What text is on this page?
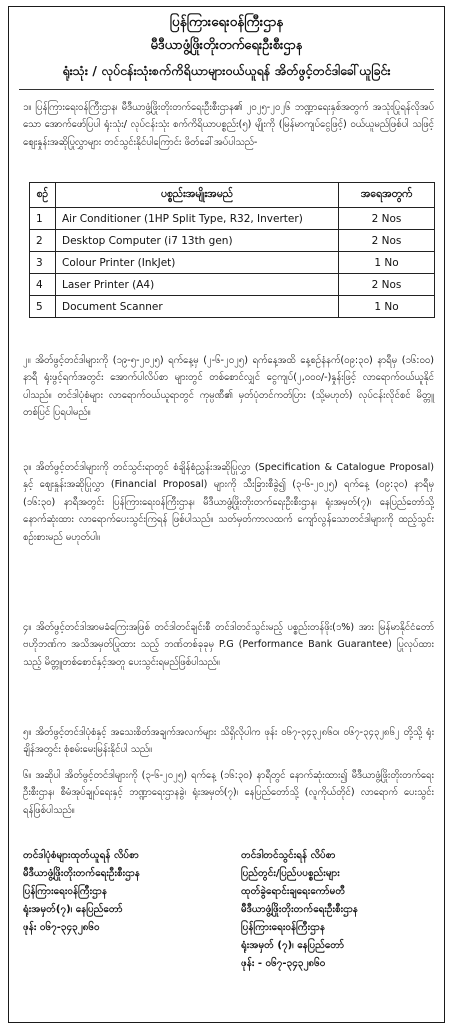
ပြန်ကြားရေးဝန်ကြီးဌာန
မီဒီယာဖွံ့ဖြိုးတိုးတက်ရေးဦးစီးဌာန
ရုံးသုံး / လုပ်ငန်းသုံးစက်ကိရိယာများဝယ်ယူရန် အိတ်ဖွင့်တင်ဒါခေါ်ယူခြင်း
၁။ ပြန်ကြားရေးဝန်ကြီးဌာန၊ မီဒီယာဖွံ့ဖြိုးတိုးတက်ရေးဦးစီးဌာန၏ ၂၀၂၅-၂၀၂၆ ဘဏ္ဍာရေးနှစ်အတွက် အသုံးပြုရန်လိုအပ်သော အောက်ဖော်ပြပါ ရုံးသုံး/ လုပ်ငန်းသုံး စက်ကိရိယာပစ္စည်း(၅) မျိုးကို (မြန်မာကျပ်ငွေဖြင့်) ဝယ်ယူမည်ဖြစ်ပါ သဖြင့် ဈေးနှုန်းအဆိုပြုလွှာများ တင်သွင်းနိုင်ပါကြောင်း ဖိတ်ခေါ်အပ်ပါသည်-
စဉ်	ပစ္စည်းအမျိုးအမည်	အရေအတွက်
1	Air Conditioner (1HP Split Type, R32, Inverter)	2 Nos
2	Desktop Computer (i7 13th gen)	2 Nos
3	Colour Printer (InkJet)	1 No
4	Laser Printer (A4)	2 Nos
5	Document Scanner	1 No
၂။ အိတ်ဖွင့်တင်ဒါများကို (၁၉-၅-၂၀၂၅) ရက်နေ့မှ (၂-၆-၂၀၂၅) ရက်နေ့အထိ နေ့စဉ်နံနက်(၀၉:၃၀) နာရီမှ (၁၆:၀၀) နာရီ ရုံးဖွင့်ရက်အတွင်း အောက်ပါလိပ်စာ များတွင် တစ်စောင်လျှင် ငွေကျပ်(၂,၀၀၀/-)နှုန်းဖြင့် လာရောက်ဝယ်ယူနိုင်ပါသည်။ တင်ဒါပုံစံများ လာရောက်ဝယ်ယူရာတွင် ကုမ္ပဏီ၏ မှတ်ပုံတင်ကတ်ပြား (သို့မဟုတ်) လုပ်ငန်းလိုင်စင် မိတ္တူတစ်ပြင် ပြရပါမည်။
၃။ အိတ်ဖွင့်တင်ဒါများကို တင်သွင်းရာတွင် စံချိန်စံညွှန်းအဆိုပြုလွှာ (Specification & Catalogue Proposal) နှင့် ဈေးနှုန်းအဆိုပြုလွှာ (Financial Proposal) များကို သီးခြားစီခွဲ၍ (၃-၆-၂၀၂၅) ရက်နေ့ (၀၉:၃၀) နာရီမှ (၁၆:၃၀) နာရီအတွင်း ပြန်ကြားရေးဝန်ကြီးဌာန၊ မီဒီယာဖွံ့ဖြိုးတိုးတက်ရေးဦးစီးဌာန၊ ရုံးအမှတ်(၇)၊ နေပြည်တော်သို့ နောက်ဆုံးထား လာရောက်ပေးသွင်းကြရန် ဖြစ်ပါသည်။ သတ်မှတ်ကာလထက် ကျော်လွန်သောတင်ဒါများကို ထည့်သွင်း စဉ်းစားမည် မဟုတ်ပါ။
၄။ အိတ်ဖွင့်တင်ဒါအာမခံကြေးအဖြစ် တင်ဒါတင်ချင်းစီ တင်ဒါတင်သွင်းမည့် ပစ္စည်းတန်ဖိုး(၁%) အား မြန်မာနိုင်ငံတော်ဗဟိုဘဏ်က အသိအမှတ်ပြုထား သည့် ဘဏ်တစ်ခုခုမှ P.G (Performance Bank Guarantee) ပြုလုပ်ထားသည့် မိတ္တူတစ်စောင်နှင့်အတူ ပေးသွင်းရမည်ဖြစ်ပါသည်။
၅။ အိတ်ဖွင့်တင်ဒါပုံစံနှင့် အသေးစိတ်အချက်အလက်များ သိရှိလိုပါက ဖုန်း ၀၆၇-၃၄၃၂၈၆၀၊ ၀၆၇-၃၄၃၂၈၆၂ တို့သို့ ရုံးချိန်အတွင်း စုံစမ်းမေးမြန်းနိုင်ပါ သည်။
၆။ အဆိုပါ အိတ်ဖွင့်တင်ဒါများကို (၃-၆-၂၀၂၅) ရက်နေ့ (၁၆:၃၀) နာရီတွင် နောက်ဆုံးထား၍ မီဒီယာဖွံ့ဖြိုးတိုးတက်ရေးဦးစီးဌာန၊ စီမံအုပ်ချုပ်ရေးနှင့် ဘဏ္ဍာရေးဌာနခွဲ၊ ရုံးအမှတ်(၇)၊ နေပြည်တော်သို့ (လူကိုယ်တိုင်) လာရောက် ပေးသွင်းရန်ဖြစ်ပါသည်။
တင်ဒါပုံစံများထုတ်ယူရန် လိပ်စာ
မီဒီယာဖွံ့ဖြိုးတိုးတက်ရေးဦးစီးဌာန
ပြန်ကြားရေးဝန်ကြီးဌာန
ရုံးအမှတ်(၇)၊ နေပြည်တော်
ဖုန်း ၀၆၇-၃၄၃၂၈၆၀
တင်ဒါတင်သွင်းရန် လိပ်စာ
ပြည်တွင်း/ပြည်ပပစ္စည်းများ
ထုတ်ခွဲရောင်းချရေးကော်မတီ
မီဒီယာဖွံ့ဖြိုးတိုးတက်ရေးဦးစီးဌာန
ပြန်ကြားရေးဝန်ကြီးဌာန
ရုံးအမှတ် (၇)၊ နေပြည်တော်
ဖုန်း - ၀၆၇-၃၄၃၂၈၆၀
